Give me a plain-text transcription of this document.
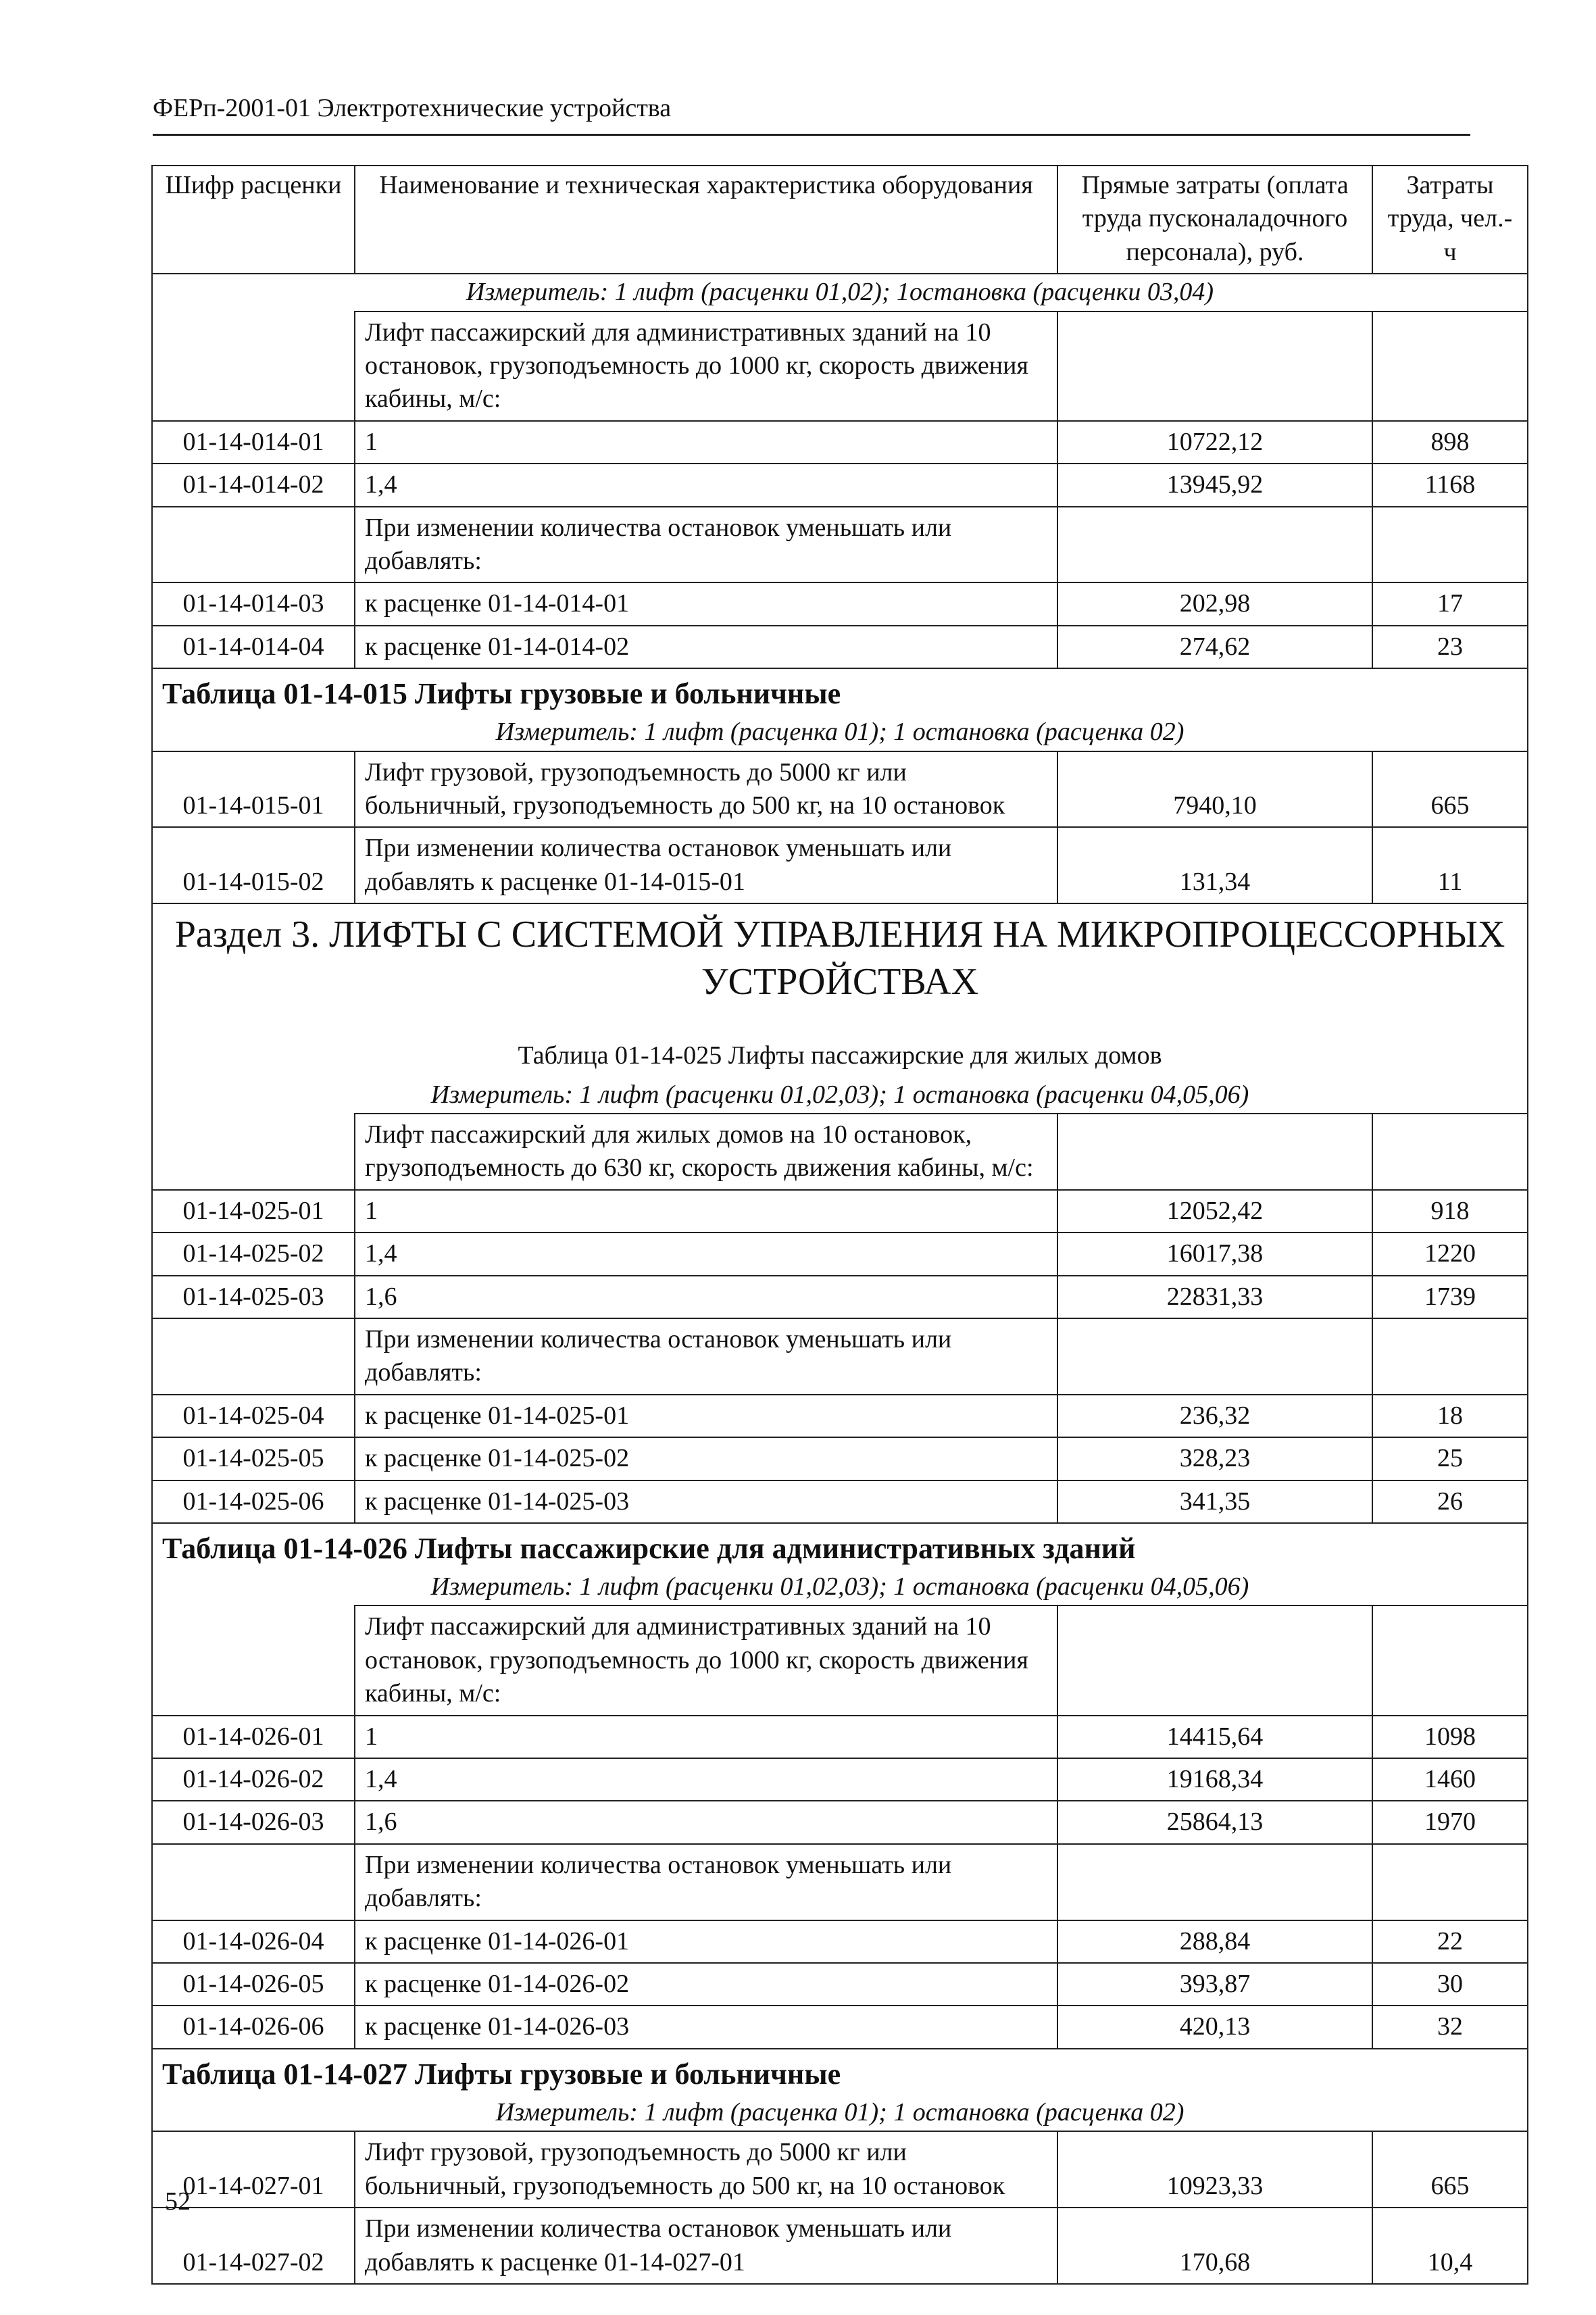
ФЕРп-2001-01 Электротехнические устройства
Шифр расценки	Наименование и техническая характеристика оборудования	Прямые затраты (оплата труда пусконаладочного персонала), руб.	Затраты труда, чел.-ч
Измеритель: 1 лифт (расценки 01,02); 1остановка (расценки 03,04)			
	Лифт пассажирский для административных зданий на 10 остановок, грузоподъемность до 1000 кг, скорость движения кабины, м/с:		
01-14-014-01	1	10722,12	898
01-14-014-02	1,4	13945,92	1168
	При изменении количества остановок уменьшать или добавлять:		
01-14-014-03	к расценке 01-14-014-01	202,98	17
01-14-014-04	к расценке 01-14-014-02	274,62	23
Таблица 01-14-015 Лифты грузовые и больничные			
Измеритель: 1 лифт (расценка 01); 1 остановка (расценка 02)			
01-14-015-01	Лифт грузовой, грузоподъемность до 5000 кг или больничный, грузоподъемность до 500 кг, на 10 остановок	7940,10	665
01-14-015-02	При изменении количества остановок уменьшать или добавлять к расценке 01-14-015-01	131,34	11
Раздел 3. ЛИФТЫ С СИСТЕМОЙ УПРАВЛЕНИЯ НА МИКРОПРОЦЕССОРНЫХ УСТРОЙСТВАХ			
Таблица 01-14-025 Лифты пассажирские для жилых домов			
Измеритель: 1 лифт (расценки 01,02,03); 1 остановка (расценки 04,05,06)			
	Лифт пассажирский для жилых домов на 10 остановок, грузоподъемность до 630 кг, скорость движения кабины, м/с:		
01-14-025-01	1	12052,42	918
01-14-025-02	1,4	16017,38	1220
01-14-025-03	1,6	22831,33	1739
	При изменении количества остановок уменьшать или добавлять:		
01-14-025-04	к расценке 01-14-025-01	236,32	18
01-14-025-05	к расценке 01-14-025-02	328,23	25
01-14-025-06	к расценке 01-14-025-03	341,35	26
Таблица 01-14-026 Лифты пассажирские для административных зданий			
Измеритель: 1 лифт (расценки 01,02,03); 1 остановка (расценки 04,05,06)			
	Лифт пассажирский для административных зданий на 10 остановок, грузоподъемность до 1000 кг, скорость движения кабины, м/с:		
01-14-026-01	1	14415,64	1098
01-14-026-02	1,4	19168,34	1460
01-14-026-03	1,6	25864,13	1970
	При изменении количества остановок уменьшать или добавлять:		
01-14-026-04	к расценке 01-14-026-01	288,84	22
01-14-026-05	к расценке 01-14-026-02	393,87	30
01-14-026-06	к расценке 01-14-026-03	420,13	32
Таблица 01-14-027 Лифты грузовые и больничные			
Измеритель: 1 лифт (расценка 01); 1 остановка (расценка 02)			
01-14-027-01	Лифт грузовой, грузоподъемность до 5000 кг или больничный, грузоподъемность до 500 кг, на 10 остановок	10923,33	665
01-14-027-02	При изменении количества остановок уменьшать или добавлять к расценке 01-14-027-01	170,68	10,4
52
